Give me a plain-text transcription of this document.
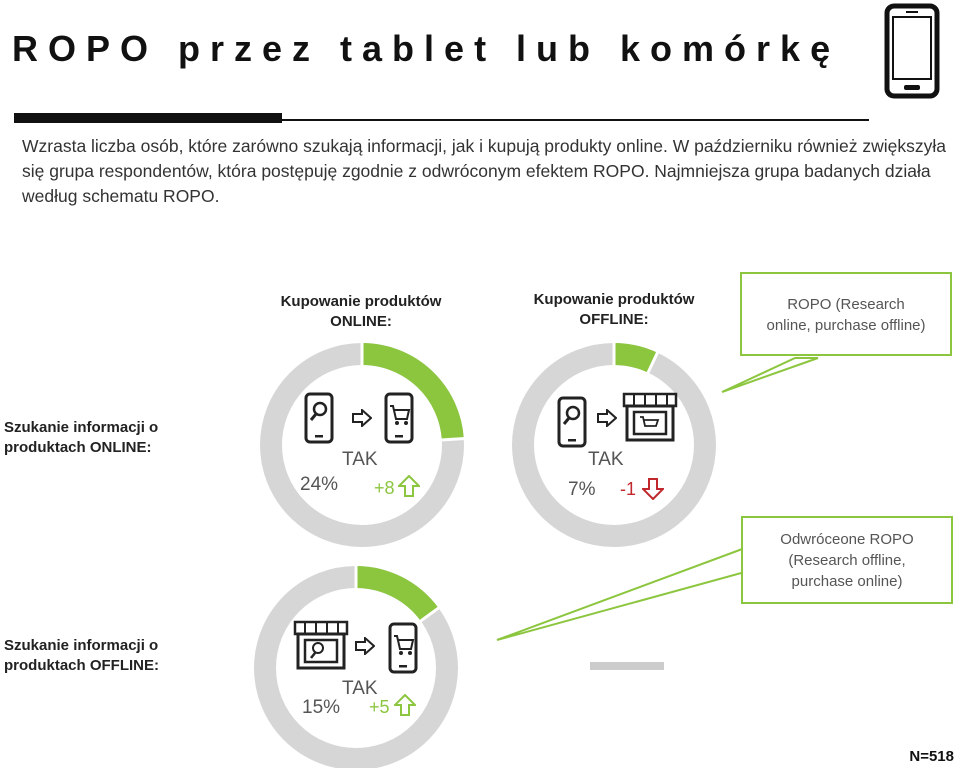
ROPO przez tablet lub komórkę
Wzrasta liczba osób, które zarówno szukają informacji, jak i kupują produkty online. W październiku również zwiększyła się grupa respondentów, która postępuję zgodnie z odwróconym efektem ROPO. Najmniejsza grupa badanych działa według schematu ROPO.
Kupowanie produktów
ONLINE:
Kupowanie produktów
OFFLINE:
Szukanie informacji o
produktach ONLINE:
Szukanie informacji o
produktach OFFLINE:
ROPO (Research
online, purchase offline)
Odwróceone ROPO
(Research offline,
purchase online)
TAK
24% +8
TAK
7% -1
TAK
15% +5
N=518
